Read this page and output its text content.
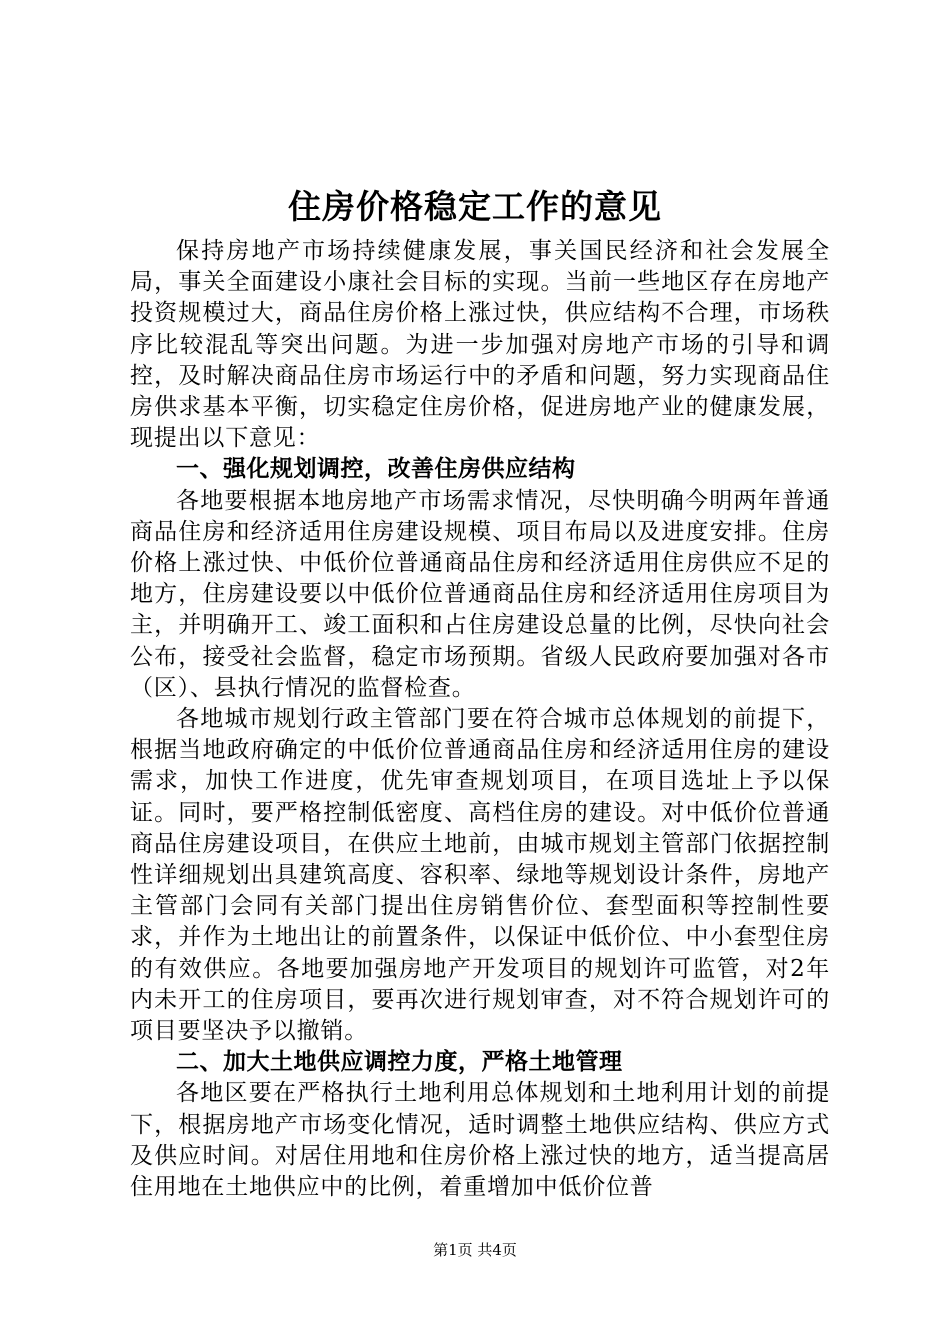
住房价格稳定工作的意见

保持房地产市场持续健康发展，事关国民经济和社会发展全局，事关全面建设小康社会目标的实现。当前一些地区存在房地产投资规模过大，商品住房价格上涨过快，供应结构不合理，市场秩序比较混乱等突出问题。为进一步加强对房地产市场的引导和调控，及时解决商品住房市场运行中的矛盾和问题，努力实现商品住房供求基本平衡，切实稳定住房价格，促进房地产业的健康发展，现提出以下意见：

一、强化规划调控，改善住房供应结构

各地要根据本地房地产市场需求情况，尽快明确今明两年普通商品住房和经济适用住房建设规模、项目布局以及进度安排。住房价格上涨过快、中低价位普通商品住房和经济适用住房供应不足的地方，住房建设要以中低价位普通商品住房和经济适用住房项目为主，并明确开工、竣工面积和占住房建设总量的比例，尽快向社会公布，接受社会监督，稳定市场预期。省级人民政府要加强对各市（区）、县执行情况的监督检查。

各地城市规划行政主管部门要在符合城市总体规划的前提下，根据当地政府确定的中低价位普通商品住房和经济适用住房的建设需求，加快工作进度，优先审查规划项目，在项目选址上予以保证。同时，要严格控制低密度、高档住房的建设。对中低价位普通商品住房建设项目，在供应土地前，由城市规划主管部门依据控制性详细规划出具建筑高度、容积率、绿地等规划设计条件，房地产主管部门会同有关部门提出住房销售价位、套型面积等控制性要求，并作为土地出让的前置条件，以保证中低价位、中小套型住房的有效供应。各地要加强房地产开发项目的规划许可监管，对2年内未开工的住房项目，要再次进行规划审查，对不符合规划许可的项目要坚决予以撤销。

二、加大土地供应调控力度，严格土地管理

各地区要在严格执行土地利用总体规划和土地利用计划的前提下，根据房地产市场变化情况，适时调整土地供应结构、供应方式及供应时间。对居住用地和住房价格上涨过快的地方，适当提高居住用地在土地供应中的比例，着重增加中低价位普

第1页 共4页
